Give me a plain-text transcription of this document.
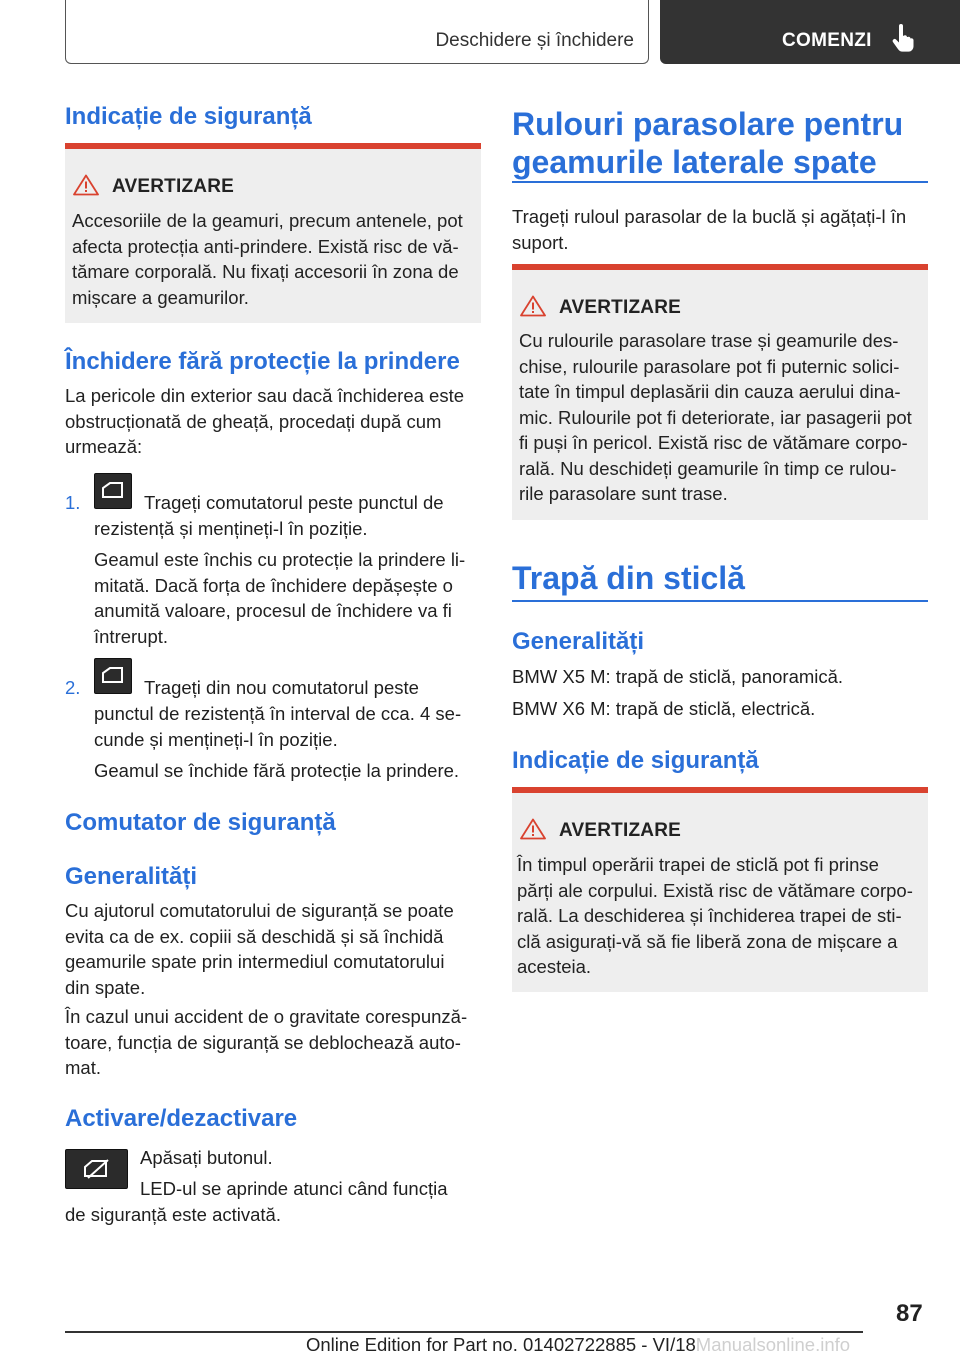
Deschidere și închidere	COMENZI
Indicație de siguranță
AVERTIZARE
Accesoriile de la geamuri, precum antenele, pot
afecta protecția anti-prindere. Există risc de vă-
tămare corporală. Nu fixați accesorii în zona de
mișcare a geamurilor.
Închidere fără protecție la prindere

La pericole din exterior sau dacă închiderea este
obstrucționată de gheață, procedați după cum
urmează:

1.	Trageți comutatorul peste punctul de
rezistență și mențineți-l în poziție.

Geamul este închis cu protecție la prindere li-
mitată. Dacă forța de închidere depășește o
anumită valoare, procesul de închidere va fi
întrerupt.

2.	Trageți din nou comutatorul peste
punctul de rezistență în interval de cca. 4 se-
cunde și mențineți-l în poziție.
Geamul se închide fără protecție la prindere.
Comutator de siguranță
Generalități

Cu ajutorul comutatorului de siguranță se poate
evita ca de ex. copiii să deschidă și să închidă
geamurile spate prin intermediul comutatorului
din spate.

În cazul unui accident de o gravitate corespunză-
toare, funcția de siguranță se deblochează auto-
mat.

Activare/dezactivare
Apăsați butonul.
LED-ul se aprinde atunci când funcția
de siguranță este activată.
Rulouri parasolare pentru
geamurile laterale spate

Trageți ruloul parasolar de la buclă și agățați-l în
suport.

AVERTIZARE
Cu rulourile parasolare trase și geamurile des-
chise, rulourile parasolare pot fi puternic solici-
tate în timpul deplasării din cauza aerului dina-
mic. Rulourile pot fi deteriorate, iar pasagerii pot
fi puși în pericol. Există risc de vătămare corpo-
rală. Nu deschideți geamurile în timp ce rulou-
rile parasolare sunt trase.
Trapă din sticlă
Generalități
BMW X5 M: trapă de sticlă, panoramică.
BMW X6 M: trapă de sticlă, electrică.
Indicație de siguranță
AVERTIZARE
În timpul operării trapei de sticlă pot fi prinse
părți ale corpului. Există risc de vătămare corpo-
rală. La deschiderea și închiderea trapei de sti-
clă asigurați-vă să fie liberă zona de mișcare a
acesteia.
87
Online Edition for Part no. 01402722885 - VI/18Manualsonline.info
